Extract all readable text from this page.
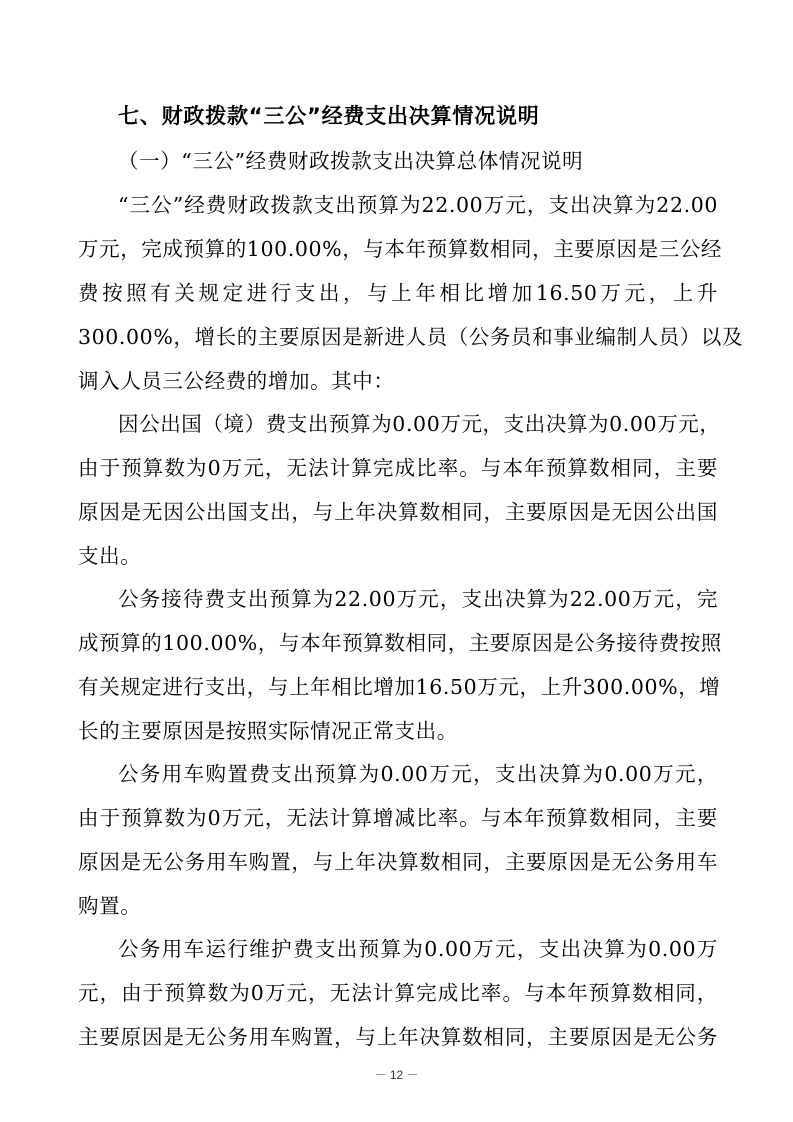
七、财政拨款“三公”经费支出决算情况说明
（一）“三公”经费财政拨款支出决算总体情况说明
“三公”经费财政拨款支出预算为22.00万元，支出决算为22.00
万元，完成预算的100.00%，与本年预算数相同，主要原因是三公经
费按照有关规定进行支出，与上年相比增加16.50万元，上升
300.00%，增长的主要原因是新进人员（公务员和事业编制人员）以及
调入人员三公经费的增加。其中：
因公出国（境）费支出预算为0.00万元，支出决算为0.00万元，
由于预算数为0万元，无法计算完成比率。与本年预算数相同，主要
原因是无因公出国支出，与上年决算数相同，主要原因是无因公出国
支出。
公务接待费支出预算为22.00万元，支出决算为22.00万元，完
成预算的100.00%，与本年预算数相同，主要原因是公务接待费按照
有关规定进行支出，与上年相比增加16.50万元，上升300.00%，增
长的主要原因是按照实际情况正常支出。
公务用车购置费支出预算为0.00万元，支出决算为0.00万元，
由于预算数为0万元，无法计算增减比率。与本年预算数相同，主要
原因是无公务用车购置，与上年决算数相同，主要原因是无公务用车
购置。
公务用车运行维护费支出预算为0.00万元，支出决算为0.00万
元，由于预算数为0万元，无法计算完成比率。与本年预算数相同，
主要原因是无公务用车购置，与上年决算数相同，主要原因是无公务
－ 12 －
